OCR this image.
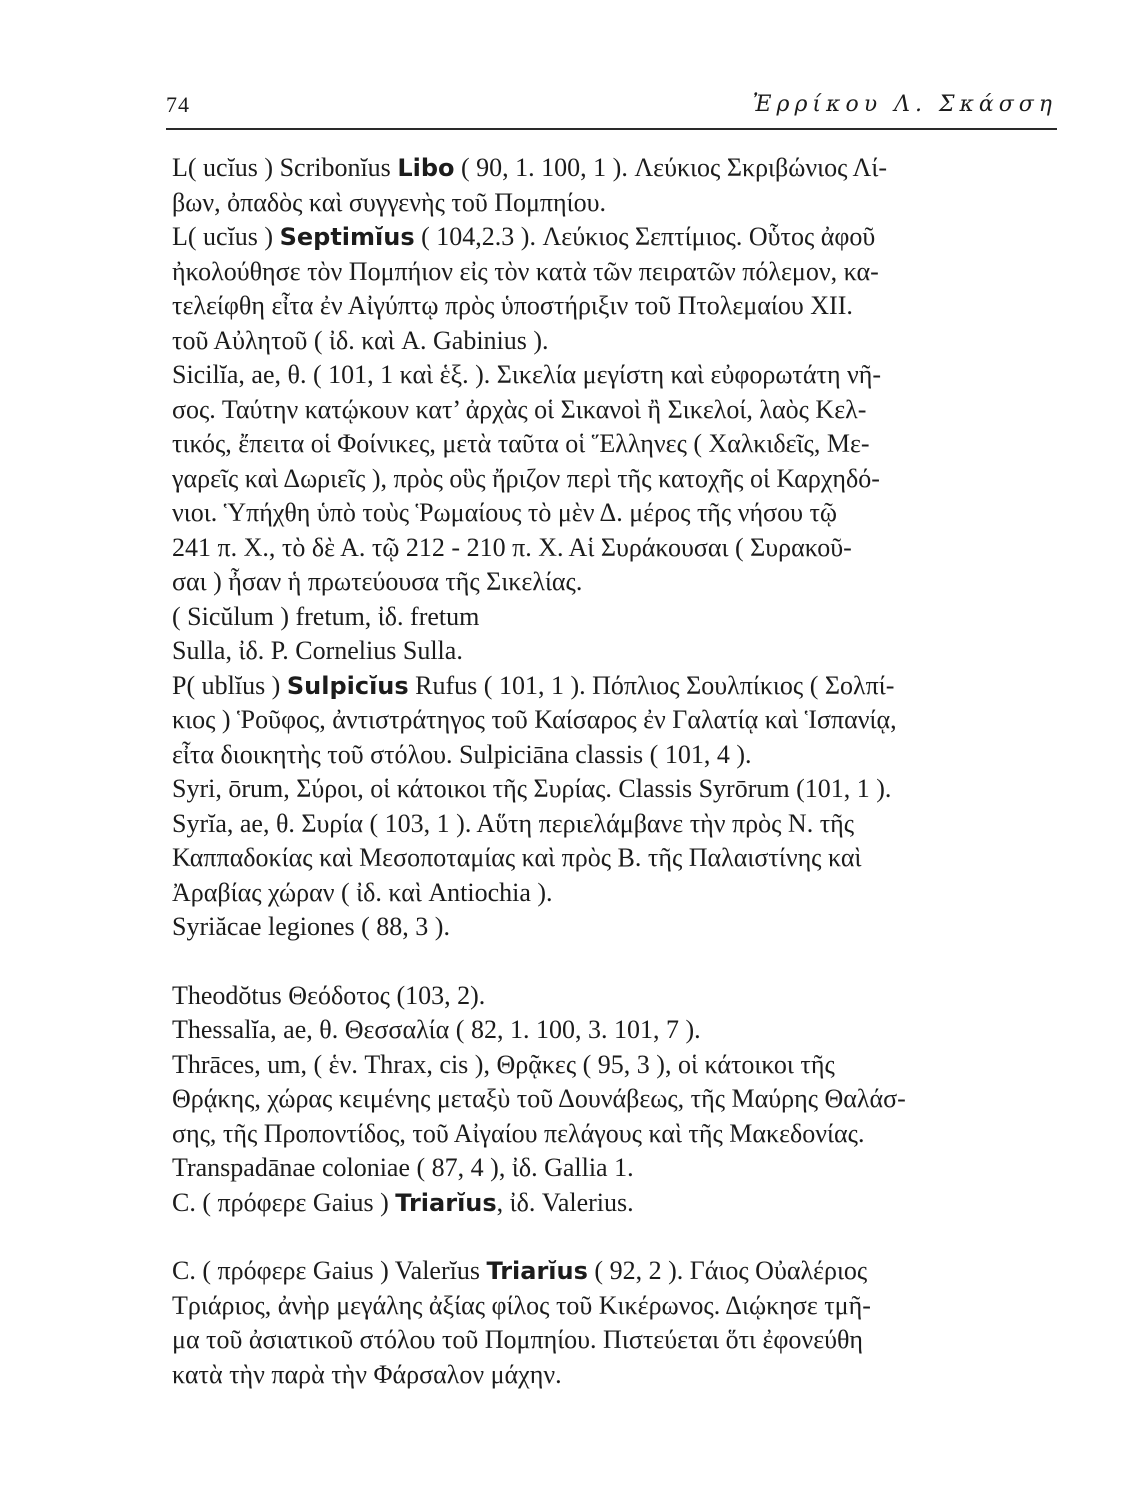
74	Ἐρρίκου Λ. Σκάσση
L( ucĭus ) Scribonĭus Libo ( 90, 1. 100, 1 ). Λεύκιος Σκριβώνιος Λί-
βων, ὀπαδὸς καὶ συγγενὴς τοῦ Πομπηίου.
L( ucĭus ) Septimĭus ( 104,2.3 ). Λεύκιος Σεπτίμιος. Οὗτος ἀφοῦ
ἠκολούθησε τὸν Πομπήιον εἰς τὸν κατὰ τῶν πειρατῶν πόλεμον, κα-
τελείφθη εἶτα ἐν Αἰγύπτῳ πρὸς ὑποστήριξιν τοῦ Πτολεμαίου XII.
τοῦ Αὐλητοῦ ( ἰδ. καὶ A. Gabinius ).
Sicilĭa, ae, θ. ( 101, 1 καὶ ἑξ. ). Σικελία μεγίστη καὶ εὐφορωτάτη νῆ-
σος. Ταύτην κατῴκουν κατ’ ἀρχὰς οἱ Σικανοὶ ἢ Σικελοί, λαὸς Κελ-
τικός, ἔπειτα οἱ Φοίνικες, μετὰ ταῦτα οἱ Ἕλληνες ( Χαλκιδεῖς, Με-
γαρεῖς καὶ Δωριεῖς ), πρὸς οὓς ἤριζον περὶ τῆς κατοχῆς οἱ Καρχηδό-
νιοι. Ὑπήχθη ὑπὸ τοὺς Ῥωμαίους τὸ μὲν Δ. μέρος τῆς νήσου τῷ
241 π. Χ., τὸ δὲ Α. τῷ 212 - 210 π. Χ. Αἱ Συράκουσαι ( Συρακοῦ-
σαι ) ἦσαν ἡ πρωτεύουσα τῆς Σικελίας.
( Sicŭlum ) fretum, ἰδ. fretum
Sulla, ἰδ. P. Cornelius Sulla.
P( ublĭus ) Sulpicĭus Rufus ( 101, 1 ). Πόπλιος Σουλπίκιος ( Σολπί-
κιος ) Ῥοῦφος, ἀντιστράτηγος τοῦ Καίσαρος ἐν Γαλατίᾳ καὶ Ἱσπανίᾳ,
εἶτα διοικητὴς τοῦ στόλου. Sulpiciāna classis ( 101, 4 ).
Syri, ōrum, Σύροι, οἱ κάτοικοι τῆς Συρίας. Classis Syrōrum (101, 1 ).
Syrĭa, ae, θ. Συρία ( 103, 1 ). Αὕτη περιελάμβανε τὴν πρὸς Ν. τῆς
Καππαδοκίας καὶ Μεσοποταμίας καὶ πρὸς Β. τῆς Παλαιστίνης καὶ
Ἀραβίας χώραν ( ἰδ. καὶ Antiochia ).
Syriăcae legiones ( 88, 3 ).
Theodŏtus Θεόδοτος (103, 2).
Thessalĭa, ae, θ. Θεσσαλία ( 82, 1. 100, 3. 101, 7 ).
Thrāces, um, ( ἑν. Thrax, cis ), Θρᾷκες ( 95, 3 ), οἱ κάτοικοι τῆς
Θρᾴκης, χώρας κειμένης μεταξὺ τοῦ Δουνάβεως, τῆς Μαύρης Θαλάσ-
σης, τῆς Προποντίδος, τοῦ Αἰγαίου πελάγους καὶ τῆς Μακεδονίας.
Transpadānae coloniae ( 87, 4 ), ἰδ. Gallia 1.
C. ( πρόφερε Gaius ) Triarĭus, ἰδ. Valerius.
C. ( πρόφερε Gaius ) Valerĭus Triarĭus ( 92, 2 ). Γάιος Οὐαλέριος
Τριάριος, ἀνὴρ μεγάλης ἀξίας φίλος τοῦ Κικέρωνος. Διῴκησε τμῆ-
μα τοῦ ἀσιατικοῦ στόλου τοῦ Πομπηίου. Πιστεύεται ὅτι ἐφονεύθη
κατὰ τὴν παρὰ τὴν Φάρσαλον μάχην.
